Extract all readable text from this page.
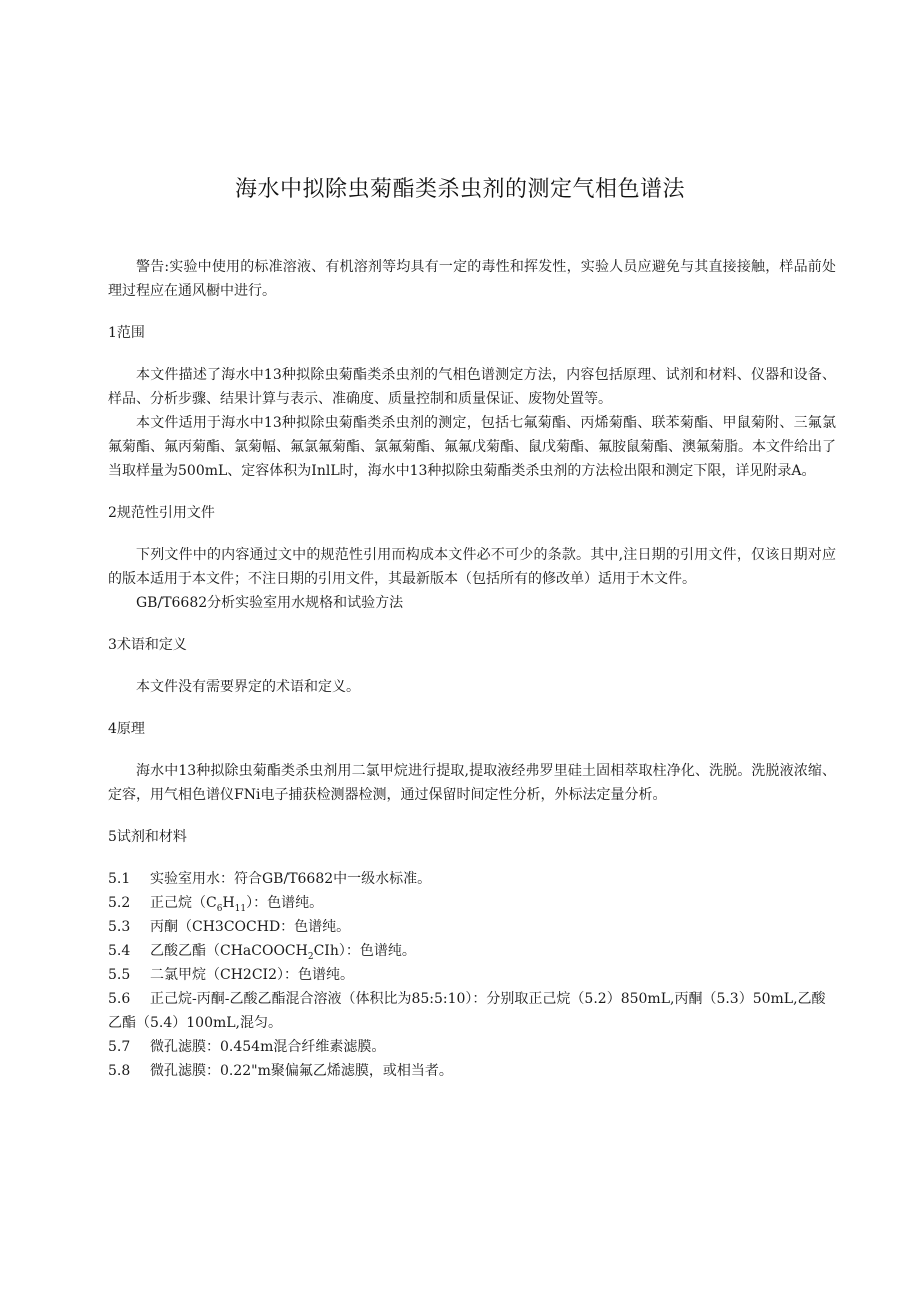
海水中拟除虫菊酯类杀虫剂的测定气相色谱法

警告:实验中使用的标准溶液、有机溶剂等均具有一定的毒性和挥发性，实验人员应避免与其直接接触，样品前处理过程应在通风橱中进行。

1范围

本文件描述了海水中13种拟除虫菊酯类杀虫剂的气相色谱测定方法，内容包括原理、试剂和材料、仪器和设备、样品、分析步骤、结果计算与表示、准确度、质量控制和质量保证、废物处置等。

本文件适用于海水中13种拟除虫菊酯类杀虫剂的测定，包括七氟菊酯、丙烯菊酯、联苯菊酯、甲鼠菊附、三氟氯氟菊酯、氟丙菊酯、氯菊幅、氟氯氟菊酯、氯氟菊酯、氟氟戊菊酯、鼠戊菊酯、氟胺鼠菊酯、澳氟菊脂。本文件给出了当取样量为500mL、定容体积为InlL时，海水中13种拟除虫菊酯类杀虫剂的方法检出限和测定下限，详见附录A。

2规范性引用文件

下列文件中的内容通过文中的规范性引用而构成本文件必不可少的条款。其中,注日期的引用文件，仅该日期对应的版本适用于本文件；不注日期的引用文件，其最新版本（包括所有的修改单）适用于木文件。

GB/T6682分析实验室用水规格和试验方法

3术语和定义

本文件没有需要界定的术语和定义。

4原理

海水中13种拟除虫菊酯类杀虫剂用二氯甲烷进行提取,提取液经弗罗里硅土固相萃取柱净化、洗脱。洗脱液浓缩、定容，用气相色谱仪FNi电子捕获检测器检测，通过保留时间定性分析，外标法定量分析。

5试剂和材料

5.1	实验室用水：符合GB/T6682中一级水标准。

5.2	正己烷$(C_6H_{11})$：色谱纯。

5.3	丙酮（CH3COCHD：色谱纯。

5.4	乙酸乙酯（CHaCOOCH$_2$CIh）：色谱纯。

5.5	二氯甲烷（CH2CI2）：色谱纯。

5.6 正己烷-丙酮-乙酸乙酯混合溶液（体积比为85:5:10）：分别取正己烷（5.2）850mL,丙酮（5.3）50mL,乙酸乙酯（5.4）100mL,混匀。

5.7	微孔滤膜：0.454m混合纤维素滤膜。

5.8	微孔滤膜：0.22"m聚偏氟乙烯滤膜，或相当者。
